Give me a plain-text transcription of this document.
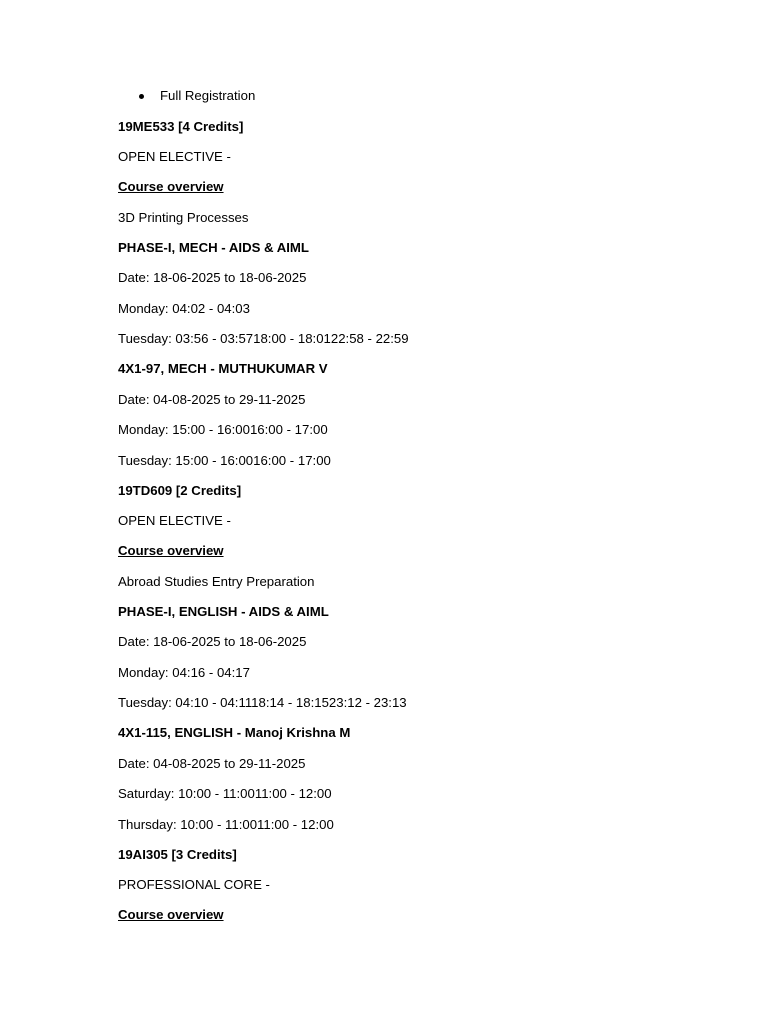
Full Registration
19ME533 [4 Credits]
OPEN ELECTIVE -
Course overview
3D Printing Processes
PHASE-I, MECH - AIDS & AIML
Date: 18-06-2025 to 18-06-2025
Monday: 04:02 - 04:03
Tuesday: 03:56 - 03:5718:00 - 18:0122:58 - 22:59
4X1-97, MECH - MUTHUKUMAR V
Date: 04-08-2025 to 29-11-2025
Monday: 15:00 - 16:0016:00 - 17:00
Tuesday: 15:00 - 16:0016:00 - 17:00
19TD609 [2 Credits]
OPEN ELECTIVE -
Course overview
Abroad Studies Entry Preparation
PHASE-I, ENGLISH - AIDS & AIML
Date: 18-06-2025 to 18-06-2025
Monday: 04:16 - 04:17
Tuesday: 04:10 - 04:1118:14 - 18:1523:12 - 23:13
4X1-115, ENGLISH - Manoj Krishna M
Date: 04-08-2025 to 29-11-2025
Saturday: 10:00 - 11:0011:00 - 12:00
Thursday: 10:00 - 11:0011:00 - 12:00
19AI305 [3 Credits]
PROFESSIONAL CORE -
Course overview
